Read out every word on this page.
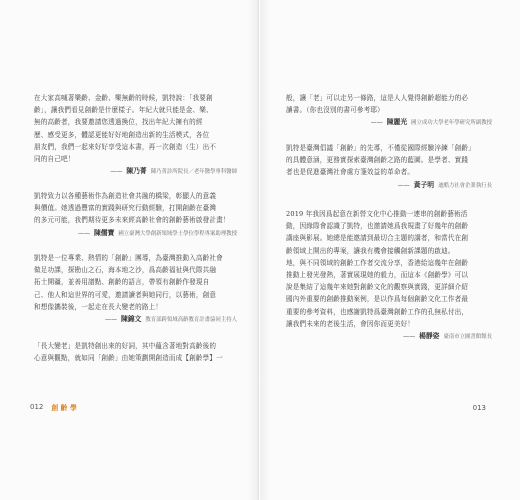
在大家高喊著樂齡、金齡、樂無齡的時候，凱特說：「我要創
齡」，讓我們看見創齡是什麼樣子。年紀大就只能是金、樂、
無的高齡者，我要邀請您透過換位，找出年紀大擁有的經
歷、感受更多，體認更能好好地創造出新的生活模式，各位
朋友們，我們一起來好好享受這本書，再一次創造（生）出不
同的自己吧！

—— 陳乃菁 陳乃菁診所院長／老年醫學專科醫師

凱特致力以各種藝術作為創造社會共融的橋梁，彰顯人的意義
與價值。她透過豐富的實踐與研究行動經驗，打開創齡在臺灣
的多元可能，我們期待更多未來經高齡社會的創齡藝術啟發計畫！

—— 陳儒寶 國立臺灣大學創新領域學士學位學程專案助理教授

凱特是一位專業、熱情的「創齡」團導，為臺灣推動入高齡社會
做足功課，探勘山之石，海本地之沙，爲高齡福祉與代際共融
拓土開疆，並善用譜點、創齡的語言，帶領有創齡作發現自
己、他人和這世界的可愛，邀請讀者與她同行，以藝術，創意
和想像攜裝後，一起走在長大變老的路上！

—— 陳錦文 教育部跨領域高齡教育計畫協同主持人

「長大變老」是凱特創出來的好詞，其中蘊含著地對高齡後的
心意與觀點，就如同「創齡」由她策劃開創造而成【創齡學】一

012 創齡學

般，讓「老」可以走另一條路，這是人人覺得創齡超能力的必
讀書。（你也沒別的書可參考耶）

—— 陳麗光 國立成功大學老年學研究所副教授

凱特是臺灣倡議「創齡」的先導，不僅從國際經驗淬鍊「創齡」
的具體意涵，更務實探索臺灣創齡之路的藍圖。是學者、實踐
者也是促進臺灣社會處方箋效益的革命者。

—— 黃子明 迪酷力社會企業執行長

2019 年我因爲起意在新營文化中心推動一連串的創齡藝術活
動，因緣際會認識了凱特，也邀請她爲我規畫了好幾年的創齡
講座與影展。她總是能邀請到最切合主題的講者，和當代在創
齡領域上開出的專案，讓我有機會接觸創新課題的啟迪。
地，與不同領域的創齡工作者交流分享，香港給這幾年在創齡
推動上發光發熱，著實展現她的毅力，而這本《創齡學》可以
說是集結了這幾年來她對創齡文化的觀察與實踐，更詳細介紹
國內外重要的創齡推動案例，是以作爲每個創齡文化工作者最
重要的參考資料，也感謝凱特爲臺灣創齡工作的孔無私付出，
讓我們未來的老後生活，會因你而更美好！

—— 楊靜姿 臺南市立圖書館館長
013
